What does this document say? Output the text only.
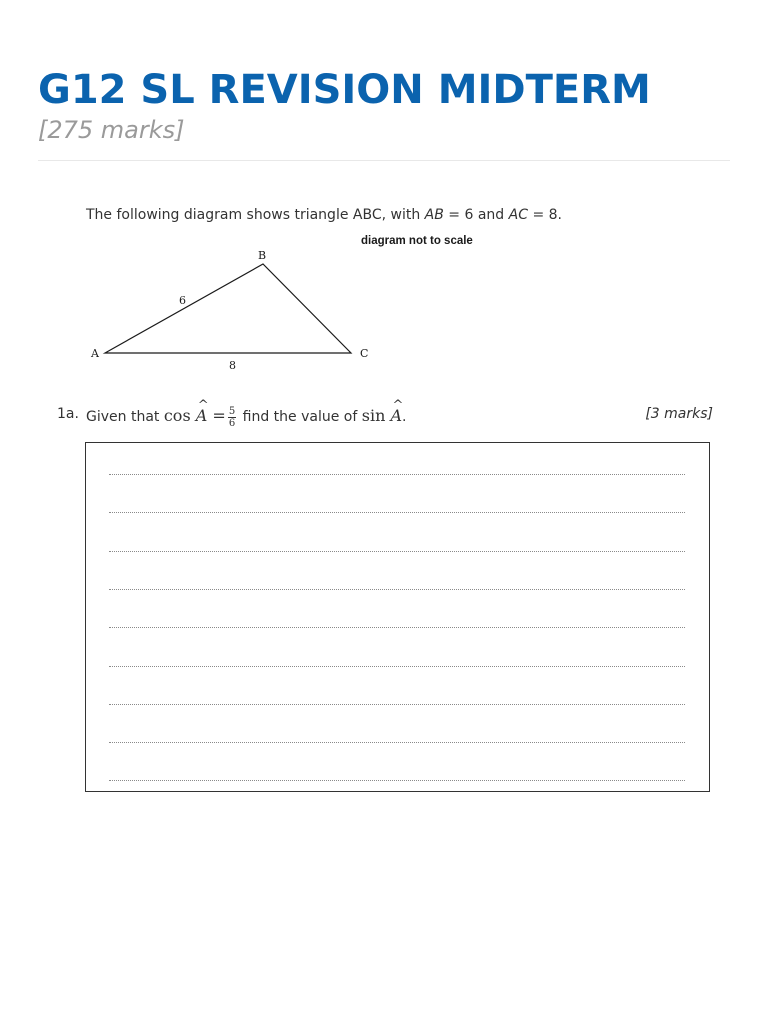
G12 SL REVISION MIDTERM
[275 marks]
The following diagram shows triangle ABC, with AB = 6 and AC = 8.
diagram not to scale
A
B
C
6
8
1a. Given that cos ^ $A = \frac{5}{6}$ find the value of sin ^ A.	[3 marks]
